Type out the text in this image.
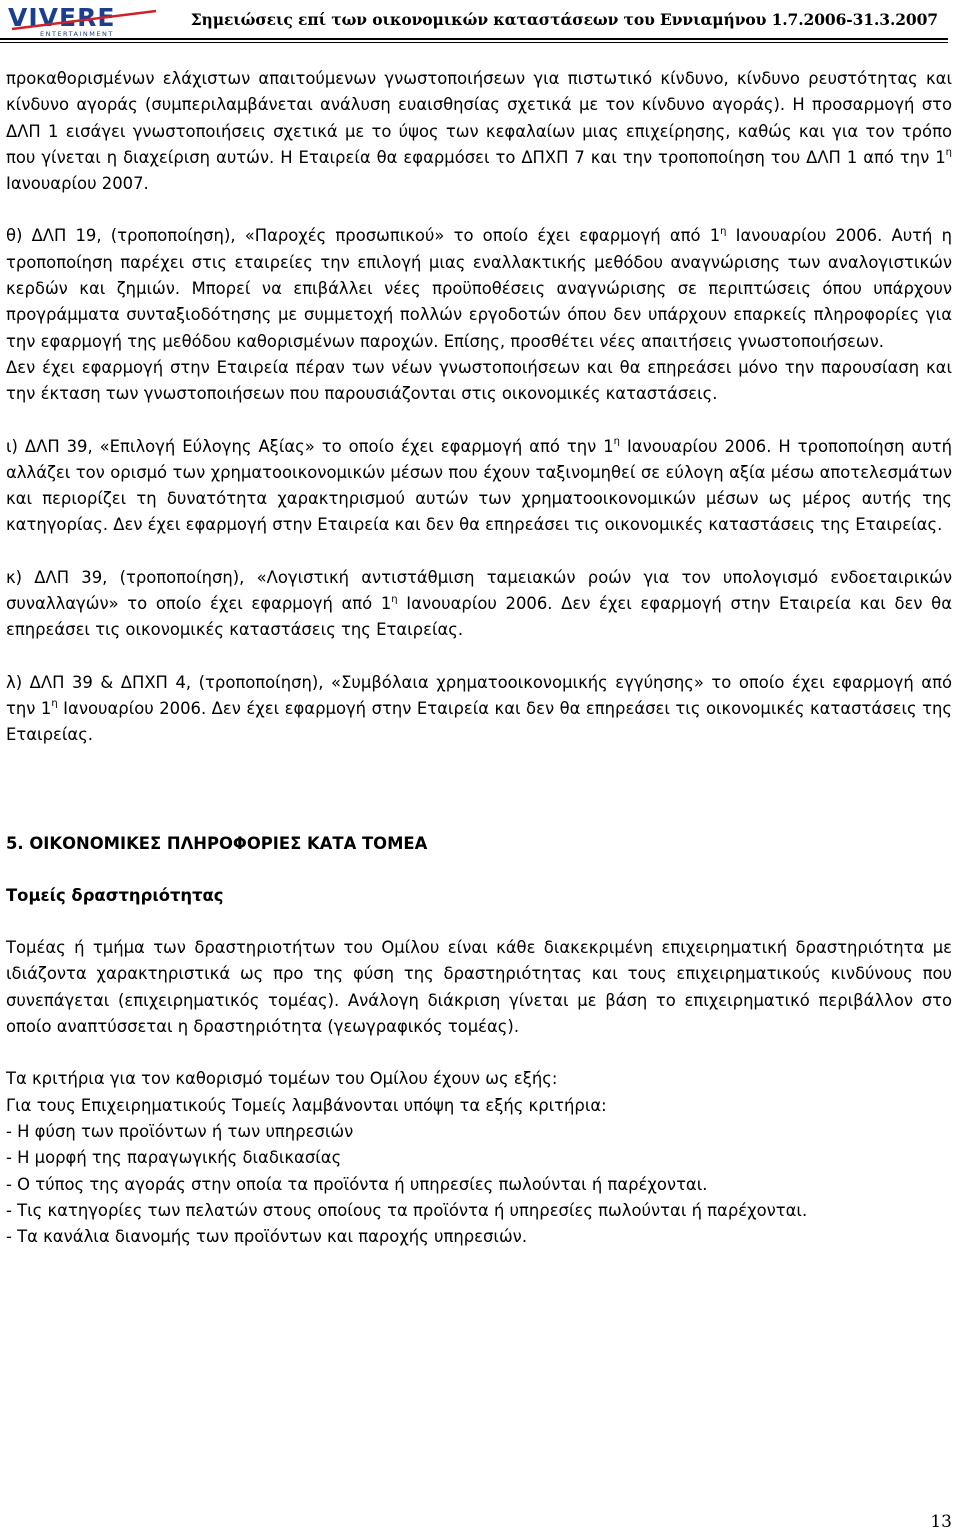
VIVERE
ENTERTAINMENT
Σημειώσεις επί των οικονομικών καταστάσεων του Εννιαμήνου 1.7.2006-31.3.2007

προκαθορισμένων ελάχιστων απαιτούμενων γνωστοποιήσεων για πιστωτικό κίνδυνο, κίνδυνο ρευστότητας και κίνδυνο αγοράς (συμπεριλαμβάνεται ανάλυση ευαισθησίας σχετικά με τον κίνδυνο αγοράς). Η προσαρμογή στο ΔΛΠ 1 εισάγει γνωστοποιήσεις σχετικά με το ύψος των κεφαλαίων μιας επιχείρησης, καθώς και για τον τρόπο που γίνεται η διαχείριση αυτών. Η Εταιρεία θα εφαρμόσει το ΔΠΧΠ 7 και την τροποποίηση του ΔΛΠ 1 από την $1^\eta$ Ιανουαρίου 2007.

θ) ΔΛΠ 19, (τροποποίηση), «Παροχές προσωπικού» το οποίο έχει εφαρμογή από $1^\eta$ Ιανουαρίου 2006. Αυτή η τροποποίηση παρέχει στις εταιρείες την επιλογή μιας εναλλακτικής μεθόδου αναγνώρισης των αναλογιστικών κερδών και ζημιών. Μπορεί να επιβάλλει νέες προϋποθέσεις αναγνώρισης σε περιπτώσεις όπου υπάρχουν προγράμματα συνταξιοδότησης με συμμετοχή πολλών εργοδοτών όπου δεν υπάρχουν επαρκείς πληροφορίες για την εφαρμογή της μεθόδου καθορισμένων παροχών. Επίσης, προσθέτει νέες απαιτήσεις γνωστοποιήσεων.

Δεν έχει εφαρμογή στην Εταιρεία πέραν των νέων γνωστοποιήσεων και θα επηρεάσει μόνο την παρουσίαση και την έκταση των γνωστοποιήσεων που παρουσιάζονται στις οικονομικές καταστάσεις.

ι) ΔΛΠ 39, «Επιλογή Εύλογης Αξίας» το οποίο έχει εφαρμογή από την $1^\eta$ Ιανουαρίου 2006. Η τροποποίηση αυτή αλλάζει τον ορισμό των χρηματοοικονομικών μέσων που έχουν ταξινομηθεί σε εύλογη αξία μέσω αποτελεσμάτων και περιορίζει τη δυνατότητα χαρακτηρισμού αυτών των χρηματοοικονομικών μέσων ως μέρος αυτής της κατηγορίας. Δεν έχει εφαρμογή στην Εταιρεία και δεν θα επηρεάσει τις οικονομικές καταστάσεις της Εταιρείας.

κ) ΔΛΠ 39, (τροποποίηση), «Λογιστική αντιστάθμιση ταμειακών ροών για τον υπολογισμό ενδοεταιρικών συναλλαγών» το οποίο έχει εφαρμογή από $1^\eta$ Ιανουαρίου 2006. Δεν έχει εφαρμογή στην Εταιρεία και δεν θα επηρεάσει τις οικονομικές καταστάσεις της Εταιρείας.

λ) ΔΛΠ 39 & ΔΠΧΠ 4, (τροποποίηση), «Συμβόλαια χρηματοοικονομικής εγγύησης» το οποίο έχει εφαρμογή από την $1^\eta$ Ιανουαρίου 2006. Δεν έχει εφαρμογή στην Εταιρεία και δεν θα επηρεάσει τις οικονομικές καταστάσεις της Εταιρείας.

5. ΟΙΚΟΝΟΜΙΚΕΣ ΠΛΗΡΟΦΟΡΙΕΣ ΚΑΤΑ ΤΟΜΕΑ

Τομείς δραστηριότητας

Τομέας ή τμήμα των δραστηριοτήτων του Ομίλου είναι κάθε διακεκριμένη επιχειρηματική δραστηριότητα με ιδιάζοντα χαρακτηριστικά ως προ της φύση της δραστηριότητας και τους επιχειρηματικούς κινδύνους που συνεπάγεται (επιχειρηματικός τομέας). Ανάλογη διάκριση γίνεται με βάση το επιχειρηματικό περιβάλλον στο οποίο αναπτύσσεται η δραστηριότητα (γεωγραφικός τομέας).

Τα κριτήρια για τον καθορισμό τομέων του Ομίλου έχουν ως εξής:

Για τους Επιχειρηματικούς Τομείς λαμβάνονται υπόψη τα εξής κριτήρια:

- Η φύση των προϊόντων ή των υπηρεσιών

- Η μορφή της παραγωγικής διαδικασίας

- Ο τύπος της αγοράς στην οποία τα προϊόντα ή υπηρεσίες πωλούνται ή παρέχονται.

- Τις κατηγορίες των πελατών στους οποίους τα προϊόντα ή υπηρεσίες πωλούνται ή παρέχονται.

- Τα κανάλια διανομής των προϊόντων και παροχής υπηρεσιών.

13
